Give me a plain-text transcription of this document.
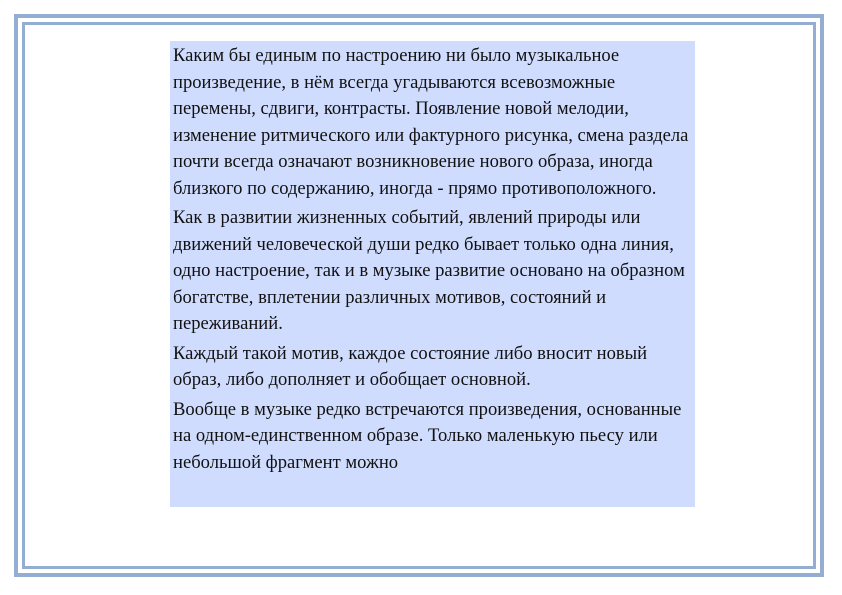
Каким бы единым по настроению ни было музыкальное произведение, в нём всегда угадываются всевозможные перемены, сдвиги, контрасты. Появление новой мелодии, изменение ритмического или фактурного рисунка, смена раздела почти всегда означают возникновение нового образа, иногда близкого по содержанию, иногда - прямо противоположного.

Как в развитии жизненных событий, явлений природы или движений человеческой души редко бывает только одна линия, одно настроение, так и в музыке развитие основано на образном богатстве, вплетении различных мотивов, состояний и переживаний.

Каждый такой мотив, каждое состояние либо вносит новый образ, либо дополняет и обобщает основной.

Вообще в музыке редко встречаются произведения, основанные на одном-единственном образе. Только маленькую пьесу или небольшой фрагмент можно
